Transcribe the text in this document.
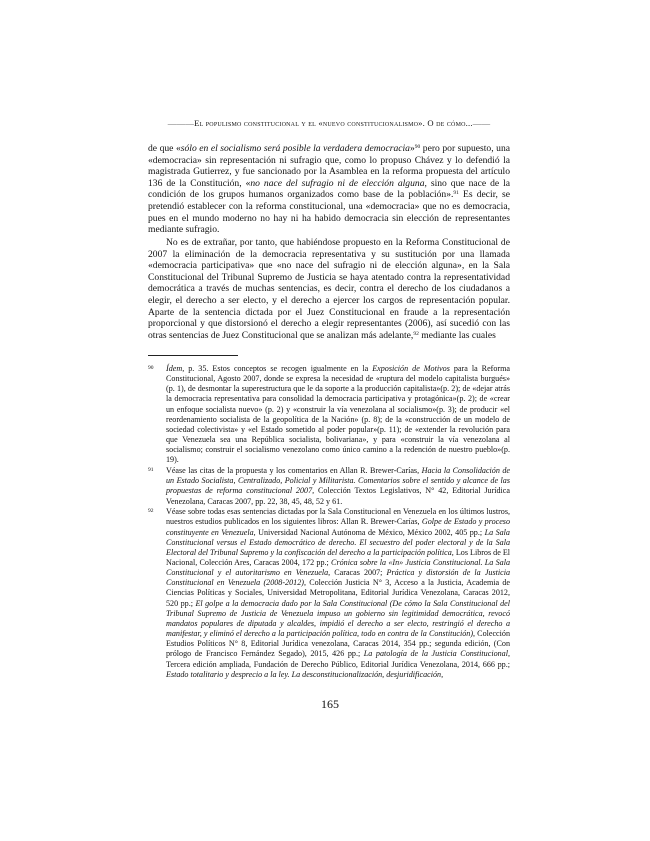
———El populismo constitucional y el «nuevo constitucionalismo». O de cómo...——

de que «sólo en el socialismo será posible la verdadera democracia»$^{90}$ pero por supuesto, una «democracia» sin representación ni sufragio que, como lo propuso Chávez y lo defendió la magistrada Gutierrez, y fue sancionado por la Asamblea en la reforma propuesta del artículo 136 de la Constitución, «no nace del sufragio ni de elección alguna, sino que nace de la condición de los grupos humanos organizados como base de la población».$^{91}$ Es decir, se pretendió establecer con la reforma constitucional, una «democracia» que no es democracia, pues en el mundo moderno no hay ni ha habido democracia sin elección de representantes mediante sufragio.

No es de extrañar, por tanto, que habiéndose propuesto en la Reforma Constitucional de 2007 la eliminación de la democracia representativa y su sustitución por una llamada «democracia participativa» que «no nace del sufragio ni de elección alguna», en la Sala Constitucional del Tribunal Supremo de Justicia se haya atentado contra la representatividad democrática a través de muchas sentencias, es decir, contra el derecho de los ciudadanos a elegir, el derecho a ser electo, y el derecho a ejercer los cargos de representación popular. Aparte de la sentencia dictada por el Juez Constitucional en fraude a la representación proporcional y que distorsionó el derecho a elegir representantes (2006), así sucedió con las otras sentencias de Juez Constitucional que se analizan más adelante,$^{92}$ mediante las cuales

90 Ídem, p. 35. Estos conceptos se recogen igualmente en la Exposición de Motivos para la Reforma Constitucional, Agosto 2007, donde se expresa la necesidad de «ruptura del modelo capitalista burgués» (p. 1), de desmontar la superestructura que le da soporte a la producción capitalista»(p. 2); de «dejar atrás la democracia representativa para consolidad la democracia participativa y protagónica»(p. 2); de «crear un enfoque socialista nuevo» (p. 2) y «construir la vía venezolana al socialismo»(p. 3); de producir «el reordenamiento socialista de la geopolítica de la Nación» (p. 8); de la «construcción de un modelo de sociedad colectivista» y «el Estado sometido al poder popular»(p. 11); de «extender la revolución para que Venezuela sea una República socialista, bolivariana», y para «construir la vía venezolana al socialismo; construir el socialismo venezolano como único camino a la redención de nuestro pueblo»(p. 19).

91 Véase las citas de la propuesta y los comentarios en Allan R. Brewer-Carías, Hacia la Consolidación de un Estado Socialista, Centralizado, Policial y Militarista. Comentarios sobre el sentido y alcance de las propuestas de reforma constitucional 2007, Colección Textos Legislativos, N° 42, Editorial Jurídica Venezolana, Caracas 2007, pp. 22, 38, 45, 48, 52 y 61.

92 Véase sobre todas esas sentencias dictadas por la Sala Constitucional en Venezuela en los últimos lustros, nuestros estudios publicados en los siguientes libros: Allan R. Brewer-Carías, Golpe de Estado y proceso constituyente en Venezuela, Universidad Nacional Autónoma de México, México 2002, 405 pp.; La Sala Constitucional versus el Estado democrático de derecho. El secuestro del poder electoral y de la Sala Electoral del Tribunal Supremo y la confiscación del derecho a la participación política, Los Libros de El Nacional, Colección Ares, Caracas 2004, 172 pp.; Crónica sobre la «In» Justicia Constitucional. La Sala Constitucional y el autoritarismo en Venezuela, Caracas 2007; Práctica y distorsión de la Justicia Constitucional en Venezuela (2008-2012), Colección Justicia N° 3, Acceso a la Justicia, Academia de Ciencias Políticas y Sociales, Universidad Metropolitana, Editorial Jurídica Venezolana, Caracas 2012, 520 pp.; El golpe a la democracia dado por la Sala Constitucional (De cómo la Sala Constitucional del Tribunal Supremo de Justicia de Venezuela impuso un gobierno sin legitimidad democrática, revocó mandatos populares de diputada y alcaldes, impidió el derecho a ser electo, restringió el derecho a manifestar, y eliminó el derecho a la participación política, todo en contra de la Constitución), Colección Estudios Políticos N° 8, Editorial Jurídica venezolana, Caracas 2014, 354 pp.; segunda edición, (Con prólogo de Francisco Fernández Segado), 2015, 426 pp.; La patología de la Justicia Constitucional, Tercera edición ampliada, Fundación de Derecho Público, Editorial Jurídica Venezolana, 2014, 666 pp.; Estado totalitario y desprecio a la ley. La desconstitucionalización, desjuridificación,

165
